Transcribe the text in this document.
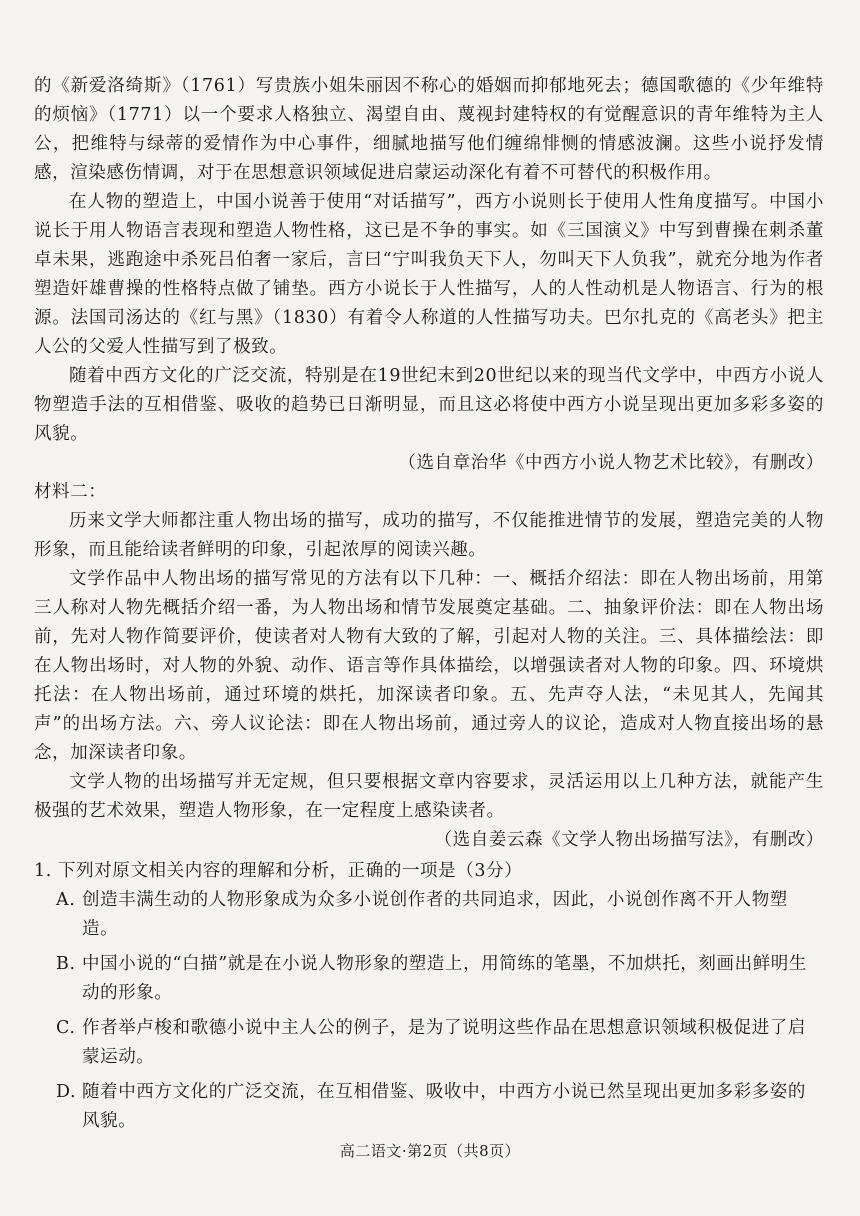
的《新爱洛绮斯》（1761）写贵族小姐朱丽因不称心的婚姻而抑郁地死去；德国歌德的《少年维特的烦恼》（1771）以一个要求人格独立、渴望自由、蔑视封建特权的有觉醒意识的青年维特为主人公，把维特与绿蒂的爱情作为中心事件，细腻地描写他们缠绵悱恻的情感波澜。这些小说抒发情感，渲染感伤情调，对于在思想意识领域促进启蒙运动深化有着不可替代的积极作用。

在人物的塑造上，中国小说善于使用“对话描写”，西方小说则长于使用人性角度描写。中国小说长于用人物语言表现和塑造人物性格，这已是不争的事实。如《三国演义》中写到曹操在刺杀董卓未果，逃跑途中杀死吕伯奢一家后，言曰“宁叫我负天下人，勿叫天下人负我”，就充分地为作者塑造奸雄曹操的性格特点做了铺垫。西方小说长于人性描写，人的人性动机是人物语言、行为的根源。法国司汤达的《红与黑》（1830）有着令人称道的人性描写功夫。巴尔扎克的《高老头》把主人公的父爱人性描写到了极致。

随着中西方文化的广泛交流，特别是在19世纪末到20世纪以来的现当代文学中，中西方小说人物塑造手法的互相借鉴、吸收的趋势已日渐明显，而且这必将使中西方小说呈现出更加多彩多姿的风貌。

（选自章治华《中西方小说人物艺术比较》，有删改）

材料二：

历来文学大师都注重人物出场的描写，成功的描写，不仅能推进情节的发展，塑造完美的人物形象，而且能给读者鲜明的印象，引起浓厚的阅读兴趣。

文学作品中人物出场的描写常见的方法有以下几种：一、概括介绍法：即在人物出场前，用第三人称对人物先概括介绍一番，为人物出场和情节发展奠定基础。二、抽象评价法：即在人物出场前，先对人物作简要评价，使读者对人物有大致的了解，引起对人物的关注。三、具体描绘法：即在人物出场时，对人物的外貌、动作、语言等作具体描绘，以增强读者对人物的印象。四、环境烘托法：在人物出场前，通过环境的烘托，加深读者印象。五、先声夺人法，“未见其人，先闻其声”的出场方法。六、旁人议论法：即在人物出场前，通过旁人的议论，造成对人物直接出场的悬念，加深读者印象。

文学人物的出场描写并无定规，但只要根据文章内容要求，灵活运用以上几种方法，就能产生极强的艺术效果，塑造人物形象，在一定程度上感染读者。

（选自姜云森《文学人物出场描写法》，有删改）

1. 下列对原文相关内容的理解和分析，正确的一项是（3分）

A. 创造丰满生动的人物形象成为众多小说创作者的共同追求，因此，小说创作离不开人物塑造。
B. 中国小说的“白描”就是在小说人物形象的塑造上，用简练的笔墨，不加烘托，刻画出鲜明生动的形象。
C. 作者举卢梭和歌德小说中主人公的例子，是为了说明这些作品在思想意识领域积极促进了启蒙运动。
D. 随着中西方文化的广泛交流，在互相借鉴、吸收中，中西方小说已然呈现出更加多彩多姿的风貌。
高二语文·第2页（共8页）
